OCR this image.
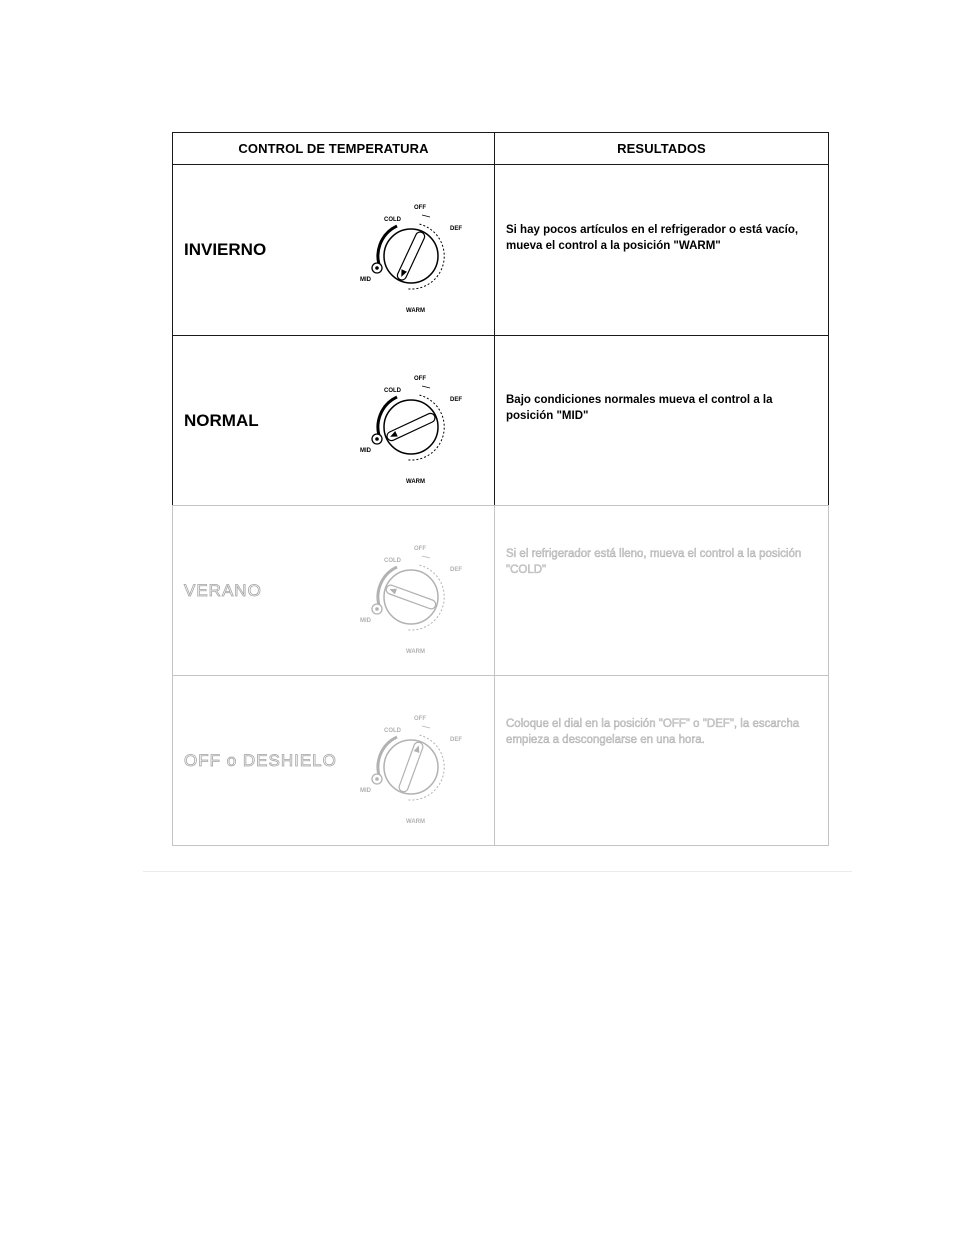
CONTROL DE TEMPERATURA	RESULTADOS
INVIERNO
COLD
OFF
DEF
MID
WARM
Si hay pocos artículos en el refrigerador o está vacío, mueva el control a la posición "WARM"
NORMAL
COLD
OFF
DEF
MID
WARM
Bajo condiciones normales mueva el control a la posición "MID"
VERANO
COLD
OFF
DEF
MID
WARM
Si el refrigerador está lleno, mueva el control a la posición "COLD"
OFF o DESHIELO
COLD
OFF
DEF
MID
WARM
Coloque el dial en la posición "OFF" o "DEF", la escarcha empieza a descongelarse en una hora.
